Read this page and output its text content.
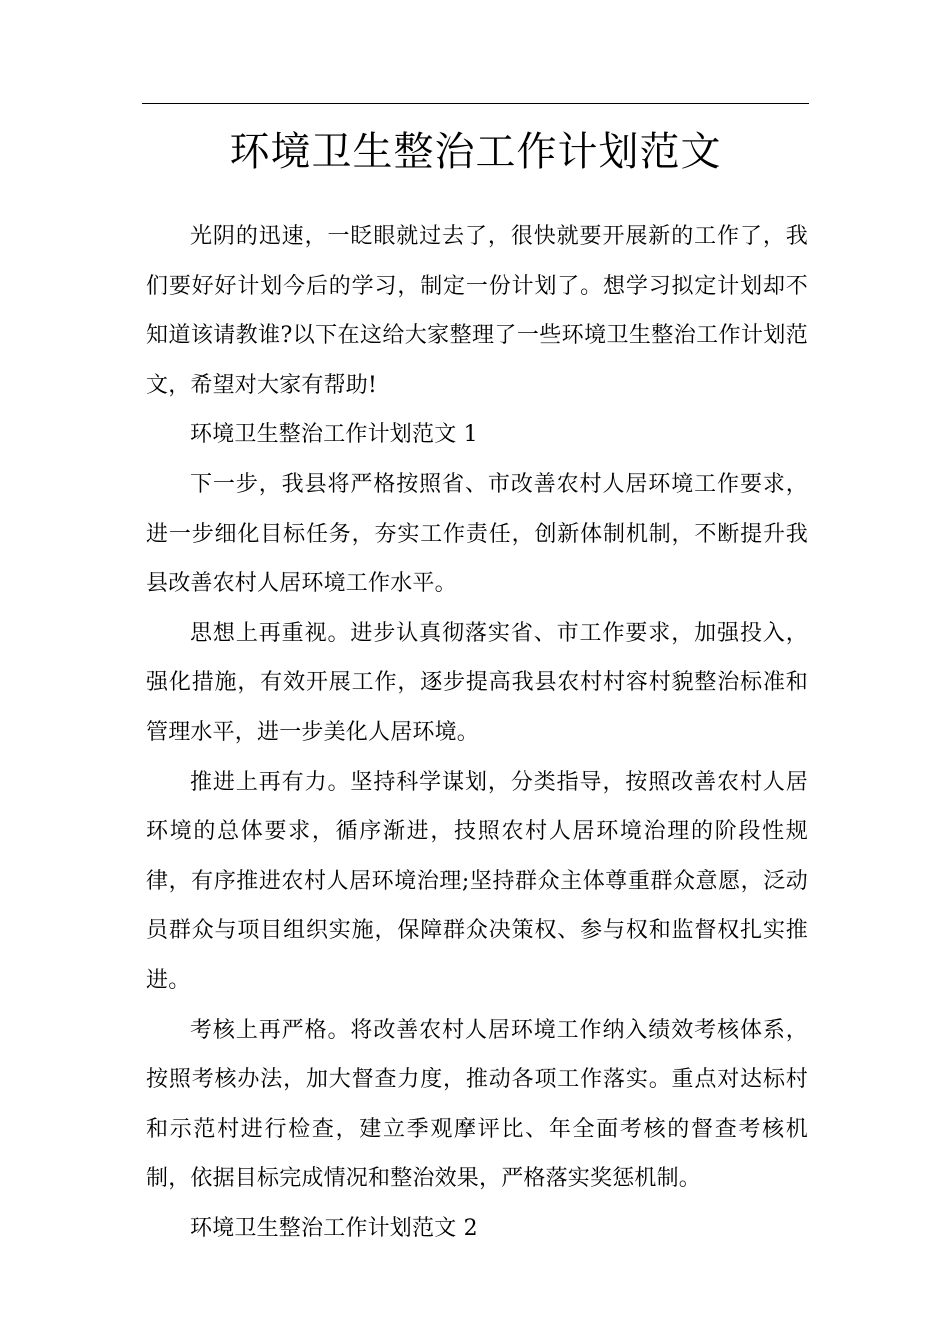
环境卫生整治工作计划范文

光阴的迅速，一眨眼就过去了，很快就要开展新的工作了，我们要好好计划今后的学习，制定一份计划了。想学习拟定计划却不知道该请教谁?以下在这给大家整理了一些环境卫生整治工作计划范文，希望对大家有帮助!

环境卫生整治工作计划范文 1

下一步，我县将严格按照省、市改善农村人居环境工作要求，进一步细化目标任务，夯实工作责任，创新体制机制，不断提升我县改善农村人居环境工作水平。

思想上再重视。进步认真彻落实省、市工作要求，加强投入，强化措施，有效开展工作，逐步提高我县农村村容村貌整治标准和管理水平，进一步美化人居环境。

推进上再有力。坚持科学谋划，分类指导，按照改善农村人居环境的总体要求，循序渐进，技照农村人居环境治理的阶段性规律，有序推进农村人居环境治理;坚持群众主体尊重群众意愿，泛动员群众与项目组织实施，保障群众决策权、参与权和监督权扎实推进。

考核上再严格。将改善农村人居环境工作纳入绩效考核体系，按照考核办法，加大督查力度，推动各项工作落实。重点对达标村和示范村进行检查，建立季观摩评比、年全面考核的督查考核机制，依据目标完成情况和整治效果，严格落实奖惩机制。

环境卫生整治工作计划范文 2
